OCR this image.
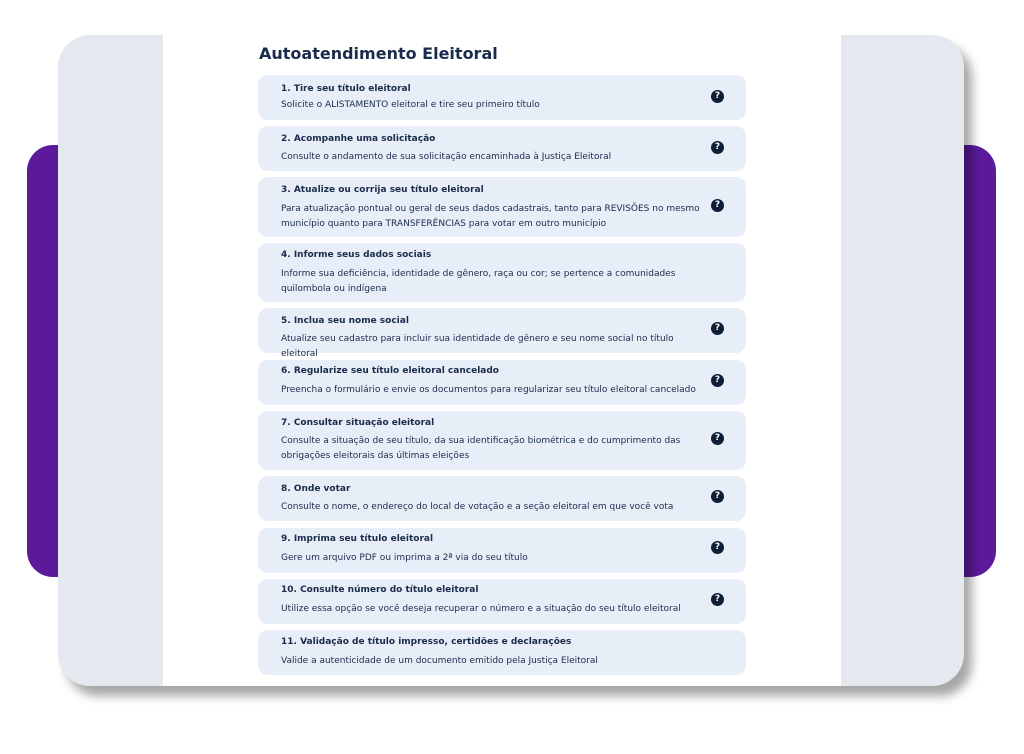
Autoatendimento Eleitoral
1. Tire seu título eleitoral
Solicite o ALISTAMENTO eleitoral e tire seu primeiro título
?
2. Acompanhe uma solicitação
Consulte o andamento de sua solicitação encaminhada à Justiça Eleitoral
?
3. Atualize ou corrija seu título eleitoral
Para atualização pontual ou geral de seus dados cadastrais, tanto para REVISÕES no mesmo município quanto para TRANSFERÊNCIAS para votar em outro município
?
4. Informe seus dados sociais
Informe sua deficiência, identidade de gênero, raça ou cor; se pertence a comunidades quilombola ou indígena
5. Inclua seu nome social
Atualize seu cadastro para incluir sua identidade de gênero e seu nome social no título eleitoral
?
6. Regularize seu título eleitoral cancelado
Preencha o formulário e envie os documentos para regularizar seu título eleitoral cancelado
?
7. Consultar situação eleitoral
Consulte a situação de seu título, da sua identificação biométrica e do cumprimento das obrigações eleitorais das últimas eleições
?
8. Onde votar
Consulte o nome, o endereço do local de votação e a seção eleitoral em que você vota
?
9. Imprima seu título eleitoral
Gere um arquivo PDF ou imprima a 2ª via do seu título
?
10. Consulte número do título eleitoral
Utilize essa opção se você deseja recuperar o número e a situação do seu título eleitoral
?
11. Validação de título impresso, certidões e declarações
Valide a autenticidade de um documento emitido pela Justiça Eleitoral
